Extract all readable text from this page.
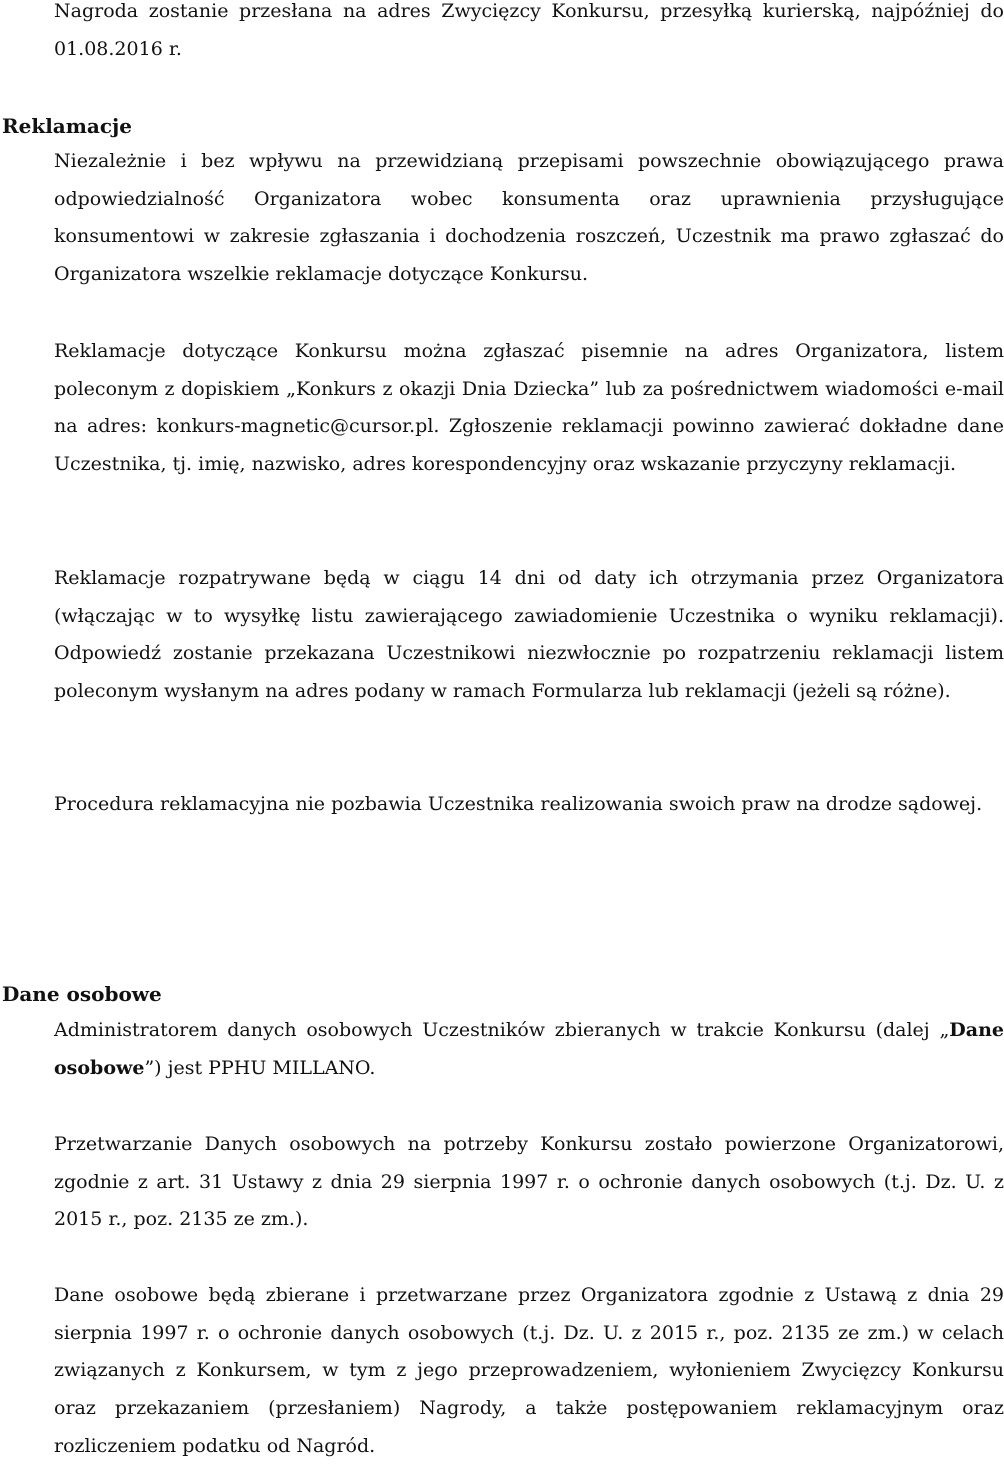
Nagroda zostanie przesłana na adres Zwycięzcy Konkursu, przesyłką kurierską, najpóźniej do 01.08.2016 r.

Reklamacje

Niezależnie i bez wpływu na przewidzianą przepisami powszechnie obowiązującego prawa odpowiedzialność Organizatora wobec konsumenta oraz uprawnienia przysługujące konsumentowi w zakresie zgłaszania i dochodzenia roszczeń, Uczestnik ma prawo zgłaszać do Organizatora wszelkie reklamacje dotyczące Konkursu.

Reklamacje dotyczące Konkursu można zgłaszać pisemnie na adres Organizatora, listem poleconym z dopiskiem „Konkurs z okazji Dnia Dziecka” lub za pośrednictwem wiadomości e-mail na adres: konkurs-magnetic@cursor.pl. Zgłoszenie reklamacji powinno zawierać dokładne dane Uczestnika, tj. imię, nazwisko, adres korespondencyjny oraz wskazanie przyczyny reklamacji.

Reklamacje rozpatrywane będą w ciągu 14 dni od daty ich otrzymania przez Organizatora (włączając w to wysyłkę listu zawierającego zawiadomienie Uczestnika o wyniku reklamacji). Odpowiedź zostanie przekazana Uczestnikowi niezwłocznie po rozpatrzeniu reklamacji listem poleconym wysłanym na adres podany w ramach Formularza lub reklamacji (jeżeli są różne).

Procedura reklamacyjna nie pozbawia Uczestnika realizowania swoich praw na drodze sądowej.

Dane osobowe

Administratorem danych osobowych Uczestników zbieranych w trakcie Konkursu (dalej „Dane osobowe”) jest PPHU MILLANO.

Przetwarzanie Danych osobowych na potrzeby Konkursu zostało powierzone Organizatorowi, zgodnie z art. 31 Ustawy z dnia 29 sierpnia 1997 r. o ochronie danych osobowych (t.j. Dz. U. z 2015 r., poz. 2135 ze zm.).

Dane osobowe będą zbierane i przetwarzane przez Organizatora zgodnie z Ustawą z dnia 29 sierpnia 1997 r. o ochronie danych osobowych (t.j. Dz. U. z 2015 r., poz. 2135 ze zm.) w celach związanych z Konkursem, w tym z jego przeprowadzeniem, wyłonieniem Zwycięzcy Konkursu oraz przekazaniem (przesłaniem) Nagrody, a także postępowaniem reklamacyjnym oraz rozliczeniem podatku od Nagród.
